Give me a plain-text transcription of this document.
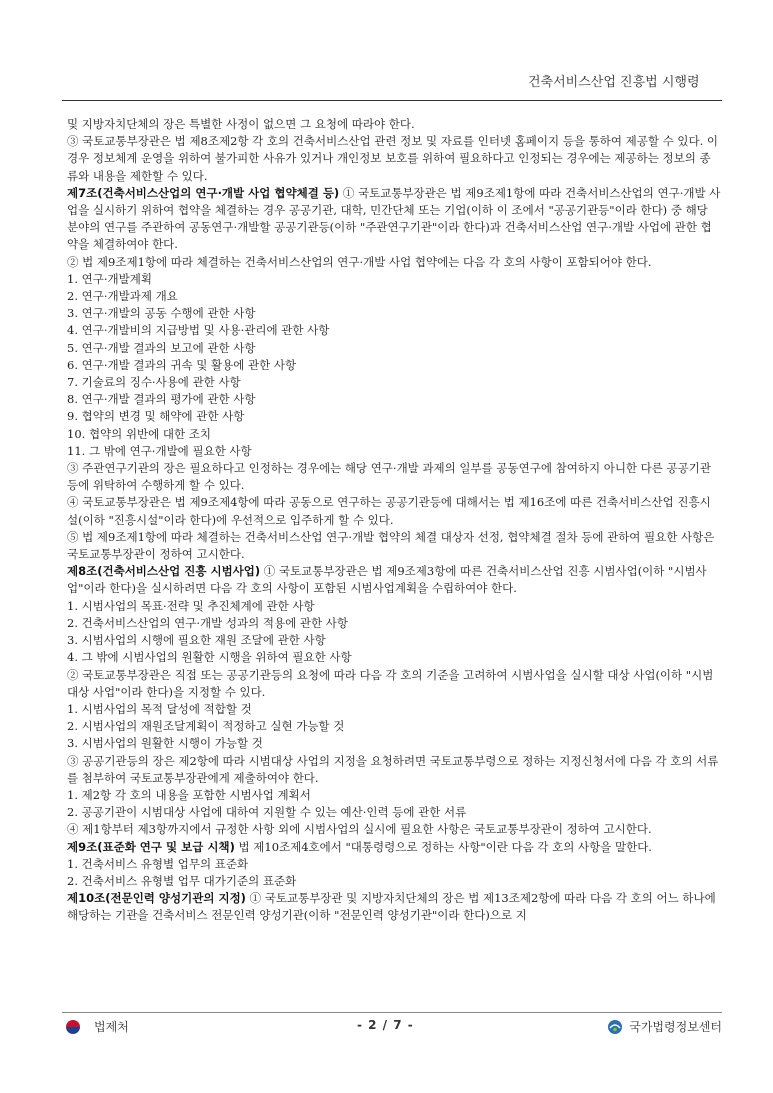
건축서비스산업 진흥법 시행령

및 지방자치단체의 장은 특별한 사정이 없으면 그 요청에 따라야 한다.

③ 국토교통부장관은 법 제8조제2항 각 호의 건축서비스산업 관련 정보 및 자료를 인터넷 홈페이지 등을 통하여 제공할 수 있다. 이 경우 정보체계 운영을 위하여 불가피한 사유가 있거나 개인정보 보호를 위하여 필요하다고 인정되는 경우에는 제공하는 정보의 종류와 내용을 제한할 수 있다.

제7조(건축서비스산업의 연구·개발 사업 협약체결 등) ① 국토교통부장관은 법 제9조제1항에 따라 건축서비스산업의 연구·개발 사업을 실시하기 위하여 협약을 체결하는 경우 공공기관, 대학, 민간단체 또는 기업(이하 이 조에서 "공공기관등"이라 한다) 중 해당 분야의 연구를 주관하여 공동연구·개발할 공공기관등(이하 "주관연구기관"이라 한다)과 건축서비스산업 연구·개발 사업에 관한 협약을 체결하여야 한다.

② 법 제9조제1항에 따라 체결하는 건축서비스산업의 연구·개발 사업 협약에는 다음 각 호의 사항이 포함되어야 한다.

1. 연구·개발계획

2. 연구·개발과제 개요

3. 연구·개발의 공동 수행에 관한 사항

4. 연구·개발비의 지급방법 및 사용·관리에 관한 사항

5. 연구·개발 결과의 보고에 관한 사항

6. 연구·개발 결과의 귀속 및 활용에 관한 사항

7. 기술료의 징수·사용에 관한 사항

8. 연구·개발 결과의 평가에 관한 사항

9. 협약의 변경 및 해약에 관한 사항

10. 협약의 위반에 대한 조치

11. 그 밖에 연구·개발에 필요한 사항

③ 주관연구기관의 장은 필요하다고 인정하는 경우에는 해당 연구·개발 과제의 일부를 공동연구에 참여하지 아니한 다른 공공기관등에 위탁하여 수행하게 할 수 있다.

④ 국토교통부장관은 법 제9조제4항에 따라 공동으로 연구하는 공공기관등에 대해서는 법 제16조에 따른 건축서비스산업 진흥시설(이하 "진흥시설"이라 한다)에 우선적으로 입주하게 할 수 있다.

⑤ 법 제9조제1항에 따라 체결하는 건축서비스산업 연구·개발 협약의 체결 대상자 선정, 협약체결 절차 등에 관하여 필요한 사항은 국토교통부장관이 정하여 고시한다.

제8조(건축서비스산업 진흥 시범사업) ① 국토교통부장관은 법 제9조제3항에 따른 건축서비스산업 진흥 시범사업(이하 "시범사업"이라 한다)을 실시하려면 다음 각 호의 사항이 포함된 시범사업계획을 수립하여야 한다.

1. 시범사업의 목표·전략 및 추진체계에 관한 사항

2. 건축서비스산업의 연구·개발 성과의 적용에 관한 사항

3. 시범사업의 시행에 필요한 재원 조달에 관한 사항

4. 그 밖에 시범사업의 원활한 시행을 위하여 필요한 사항

② 국토교통부장관은 직접 또는 공공기관등의 요청에 따라 다음 각 호의 기준을 고려하여 시범사업을 실시할 대상 사업(이하 "시범대상 사업"이라 한다)을 지정할 수 있다.

1. 시범사업의 목적 달성에 적합할 것

2. 시범사업의 재원조달계획이 적정하고 실현 가능할 것

3. 시범사업의 원활한 시행이 가능할 것

③ 공공기관등의 장은 제2항에 따라 시범대상 사업의 지정을 요청하려면 국토교통부령으로 정하는 지정신청서에 다음 각 호의 서류를 첨부하여 국토교통부장관에게 제출하여야 한다.

1. 제2항 각 호의 내용을 포함한 시범사업 계획서

2. 공공기관이 시범대상 사업에 대하여 지원할 수 있는 예산·인력 등에 관한 서류

④ 제1항부터 제3항까지에서 규정한 사항 외에 시범사업의 실시에 필요한 사항은 국토교통부장관이 정하여 고시한다.

제9조(표준화 연구 및 보급 시책) 법 제10조제4호에서 "대통령령으로 정하는 사항"이란 다음 각 호의 사항을 말한다.

1. 건축서비스 유형별 업무의 표준화

2. 건축서비스 유형별 업무 대가기준의 표준화

제10조(전문인력 양성기관의 지정) ① 국토교통부장관 및 지방자치단체의 장은 법 제13조제2항에 따라 다음 각 호의 어느 하나에 해당하는 기관을 건축서비스 전문인력 양성기관(이하 "전문인력 양성기관"이라 한다)으로 지

법제처	- 2 / 7 -	국가법령정보센터
